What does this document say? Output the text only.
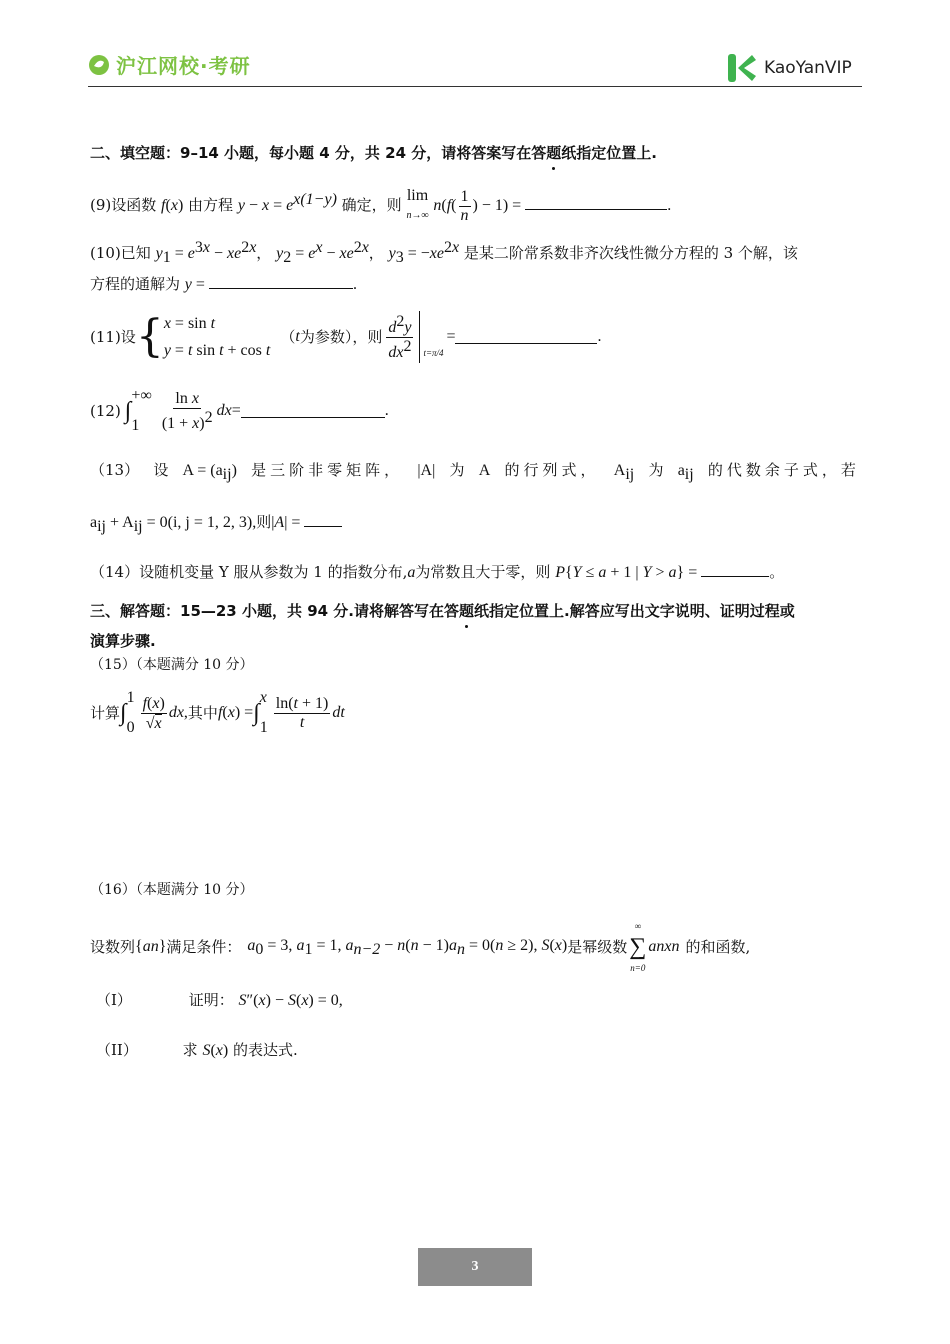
沪江网校·考研	KaoYanVIP
二、填空题：9–14 小题，每小题 4 分，共 24 分，请将答案写在答题纸指定位置上.
(9)设函数 f(x) 由方程 $y - x = e^{x(1-y)}$ 确定，则
lim
n→∞
$n(f( \frac{1}{n}$ ) − 1) =	.
(10)已知 $y_1 = e^{3x} - xe^{2x}$， $y_2 = e^x - xe^{2x}$， $y_3 = -xe^{2x}$ 是某二阶常系数非齐次线性微分方程的 3 个解，该
方程的通解为 y =	.
(11) 设 { x = sin t
y = t sin t + cos t
（ t 为参数），则 $\frac{d^2y}{dx^2} t=\pi/4$
=	.
(12) ∫
+∞
1	$\frac{\text{ln x}}{(1 + x)^2}$ dx =	.
（13） 设 $A = (a_{ij})$ 是三阶非零矩阵， |A| 为 A 的行列式， $A_{ij}$ 为 $a_{ij}$ 的代数余子式，若
$a_{ij} + A_{ij} = 0(i$, j = 1, 2, 3),则|A| =
（14）设随机变量 Y 服从参数为 1 的指数分布,a为常数且大于零，则 P{Y ≤ a + 1 | Y > a} =	。
三、解答题：15—23 小题，共 94 分.请将解答写在答题纸指定位置上.解答应写出文字说明、证明过程或
演算步骤.
（15）（本题满分 10 分）
计算 ∫
1
$0 \frac{f(x)}{√x}$ dx , 其中 f ( x ) = ∫
x
$1 \frac{\ln(t + 1)}{t}$ dt
（16）（本题满分 10 分）
设数列 { a n } 满足条件： $a_0 = 3$, $a_1 = 1$, $a_{n-2} - n(n - 1)a_n = 0(n \ge 2)$, S(x) 是幂级数
∞
∑
n=0
a n x n 的和函数,
（I）	证明： S″(x) − S(x) = 0,
（II）	求 S(x) 的表达式.
3
